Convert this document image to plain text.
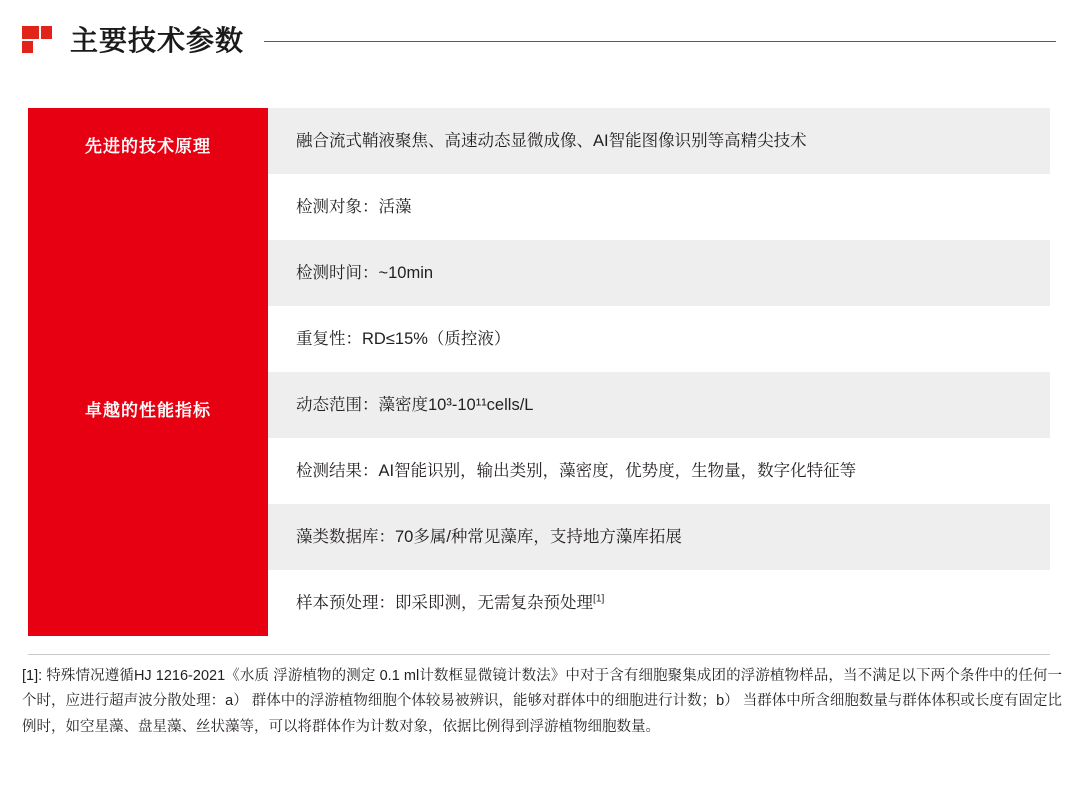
主要技术参数
先进的技术原理
卓越的性能指标
融合流式鞘液聚焦、高速动态显微成像、AI智能图像识别等高精尖技术
检测对象：活藻
检测时间：~10min
重复性：RD≤15%（质控液）
动态范围：藻密度10³-10¹¹cells/L
检测结果：AI智能识别，输出类别，藻密度，优势度，生物量，数字化特征等
藻类数据库：70多属/种常见藻库，支持地方藻库拓展
样本预处理：即采即测，无需复杂预处理[1]
[1]: 特殊情况遵循HJ 1216-2021《水质 浮游植物的测定 0.1 ml计数框显微镜计数法》中对于含有细胞聚集成团的浮游植物样品，当不满足以下两个条件中的任何一个时，应进行超声波分散处理：a） 群体中的浮游植物细胞个体较易被辨识，能够对群体中的细胞进行计数；b） 当群体中所含细胞数量与群体体积或长度有固定比例时，如空星藻、盘星藻、丝状藻等，可以将群体作为计数对象，依据比例得到浮游植物细胞数量。
